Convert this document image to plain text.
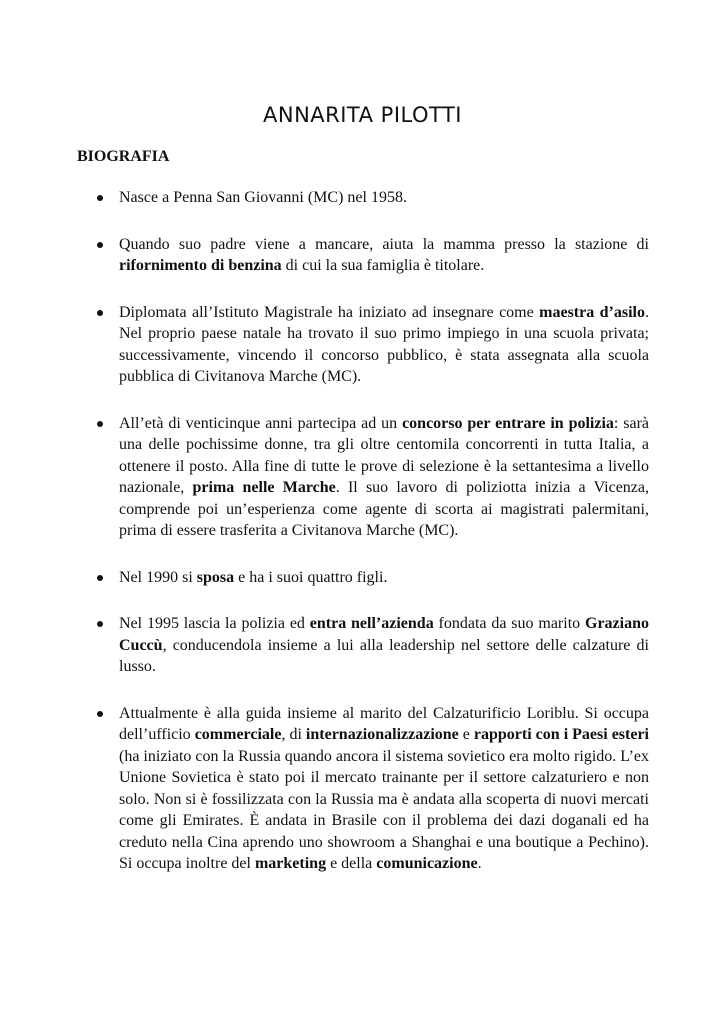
ANNARITA PILOTTI
BIOGRAFIA
Nasce a Penna San Giovanni (MC) nel 1958.
Quando suo padre viene a mancare, aiuta la mamma presso la stazione di rifornimento di benzina di cui la sua famiglia è titolare.
Diplomata all’Istituto Magistrale ha iniziato ad insegnare come maestra d’asilo. Nel proprio paese natale ha trovato il suo primo impiego in una scuola privata; successivamente, vincendo il concorso pubblico, è stata assegnata alla scuola pubblica di Civitanova Marche (MC).
All’età di venticinque anni partecipa ad un concorso per entrare in polizia: sarà una delle pochissime donne, tra gli oltre centomila concorrenti in tutta Italia, a ottenere il posto. Alla fine di tutte le prove di selezione è la settantesima a livello nazionale, prima nelle Marche. Il suo lavoro di poliziotta inizia a Vicenza, comprende poi un’esperienza come agente di scorta ai magistrati palermitani, prima di essere trasferita a Civitanova Marche (MC).
Nel 1990 si sposa e ha i suoi quattro figli.
Nel 1995 lascia la polizia ed entra nell’azienda fondata da suo marito Graziano Cuccù, conducendola insieme a lui alla leadership nel settore delle calzature di lusso.
Attualmente è alla guida insieme al marito del Calzaturificio Loriblu. Si occupa dell’ufficio commerciale, di internazionalizzazione e rapporti con i Paesi esteri (ha iniziato con la Russia quando ancora il sistema sovietico era molto rigido. L’ex Unione Sovietica è stato poi il mercato trainante per il settore calzaturiero e non solo. Non si è fossilizzata con la Russia ma è andata alla scoperta di nuovi mercati come gli Emirates. È andata in Brasile con il problema dei dazi doganali ed ha creduto nella Cina aprendo uno showroom a Shanghai e una boutique a Pechino). Si occupa inoltre del marketing e della comunicazione.
